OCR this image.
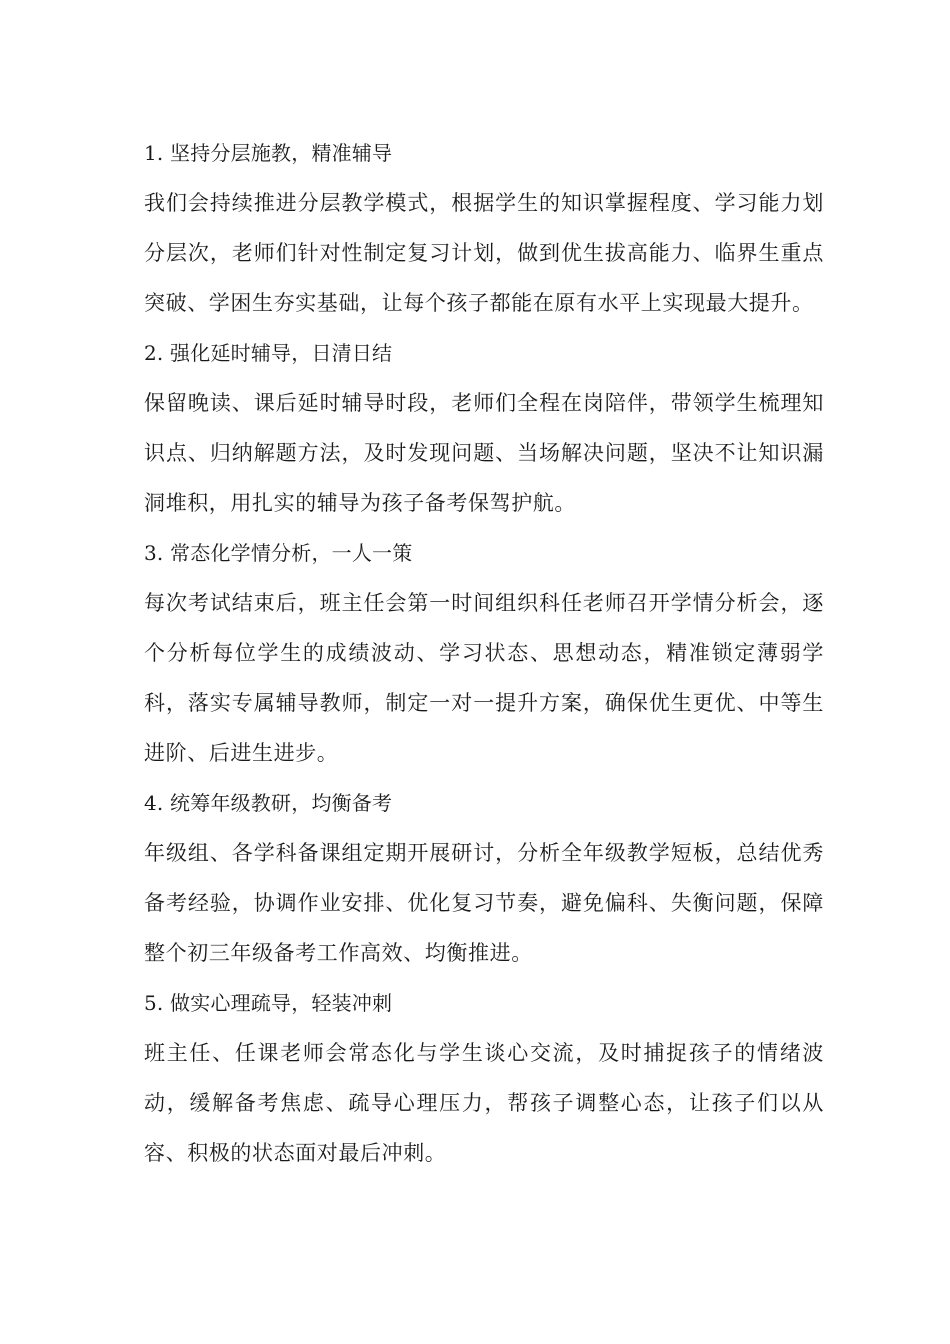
1. 坚持分层施教，精准辅导

我们会持续推进分层教学模式，根据学生的知识掌握程度、学习能力划分层次，老师们针对性制定复习计划，做到优生拔高能力、临界生重点突破、学困生夯实基础，让每个孩子都能在原有水平上实现最大提升。

2. 强化延时辅导，日清日结

保留晚读、课后延时辅导时段，老师们全程在岗陪伴，带领学生梳理知识点、归纳解题方法，及时发现问题、当场解决问题，坚决不让知识漏洞堆积，用扎实的辅导为孩子备考保驾护航。

3. 常态化学情分析，一人一策

每次考试结束后，班主任会第一时间组织科任老师召开学情分析会，逐个分析每位学生的成绩波动、学习状态、思想动态，精准锁定薄弱学科，落实专属辅导教师，制定一对一提升方案，确保优生更优、中等生进阶、后进生进步。

4. 统筹年级教研，均衡备考

年级组、各学科备课组定期开展研讨，分析全年级教学短板，总结优秀备考经验，协调作业安排、优化复习节奏，避免偏科、失衡问题，保障整个初三年级备考工作高效、均衡推进。

5. 做实心理疏导，轻装冲刺

班主任、任课老师会常态化与学生谈心交流，及时捕捉孩子的情绪波动，缓解备考焦虑、疏导心理压力，帮孩子调整心态，让孩子们以从容、积极的状态面对最后冲刺。
